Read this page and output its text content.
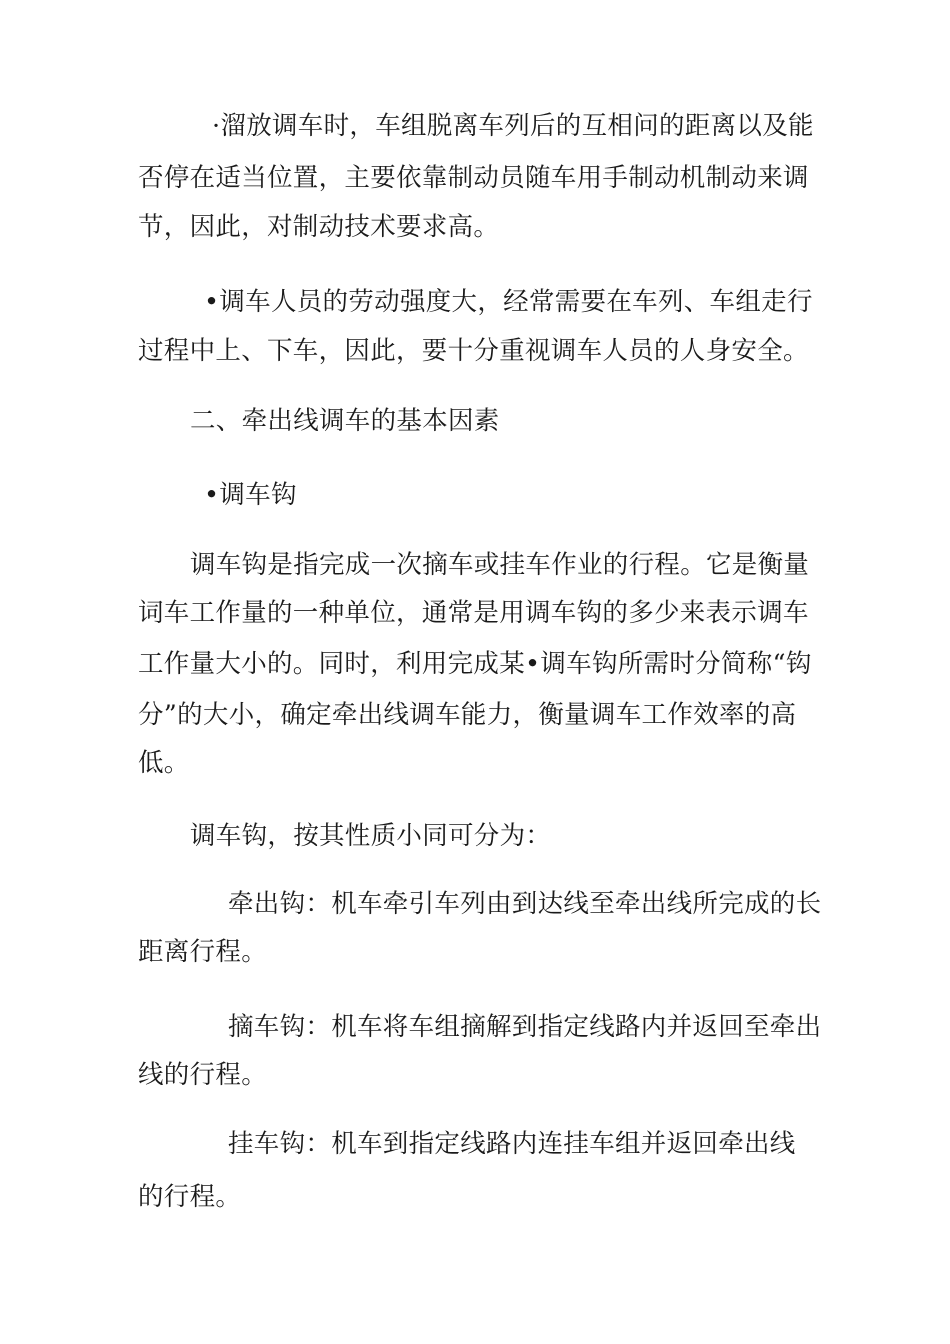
·溜放调车时，车组脱离车列后的互相问的距离以及能
否停在适当位置，主要依靠制动员随车用手制动机制动来调
节，因此，对制动技术要求高。
•调车人员的劳动强度大，经常需要在车列、车组走行
过程中上、下车，因此，要十分重视调车人员的人身安全。
二、牵出线调车的基本因素
•调车钩
调车钩是指完成一次摘车或挂车作业的行程。它是衡量
词车工作量的一种单位，通常是用调车钩的多少来表示调车
工作量大小的。同时，利用完成某•调车钩所需时分简称“钩
分”的大小，确定牵出线调车能力，衡量调车工作效率的高
低。
调车钩，按其性质小同可分为：
牵出钩：机车牵引车列由到达线至牵出线所完成的长
距离行程。
摘车钩：机车将车组摘解到指定线路内并返回至牵出
线的行程。
挂车钩：机车到指定线路内连挂车组并返回牵出线
的行程。
